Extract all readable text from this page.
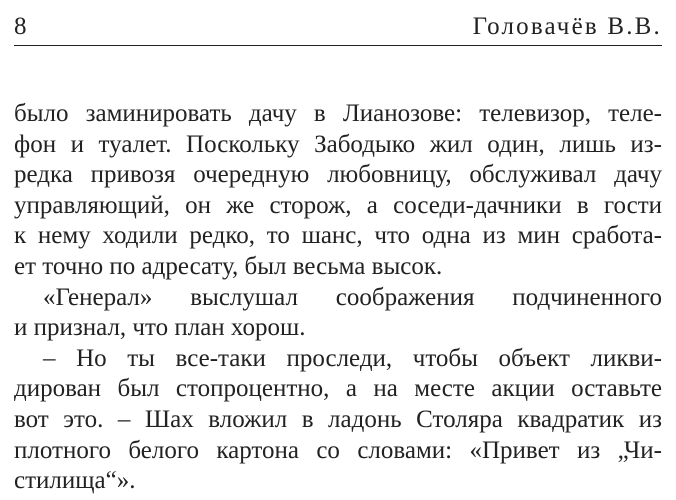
8	Головачёв В.В.
было заминировать дачу в Лианозове: телевизор, теле-
фон и туалет. Поскольку Забодыко жил один, лишь из-
редка привозя очередную любовницу, обслуживал дачу
управляющий, он же сторож, а соседи-дачники в гости
к нему ходили редко, то шанс, что одна из мин сработа-
ет точно по адресату, был весьма высок.
«Генерал» выслушал соображения подчиненного
и признал, что план хорош.
– Но ты все-таки проследи, чтобы объект ликви-
дирован был стопроцентно, а на месте акции оставьте
вот это. – Шах вложил в ладонь Столяра квадратик из
плотного белого картона со словами: «Привет из „Чи-
стилища“».
